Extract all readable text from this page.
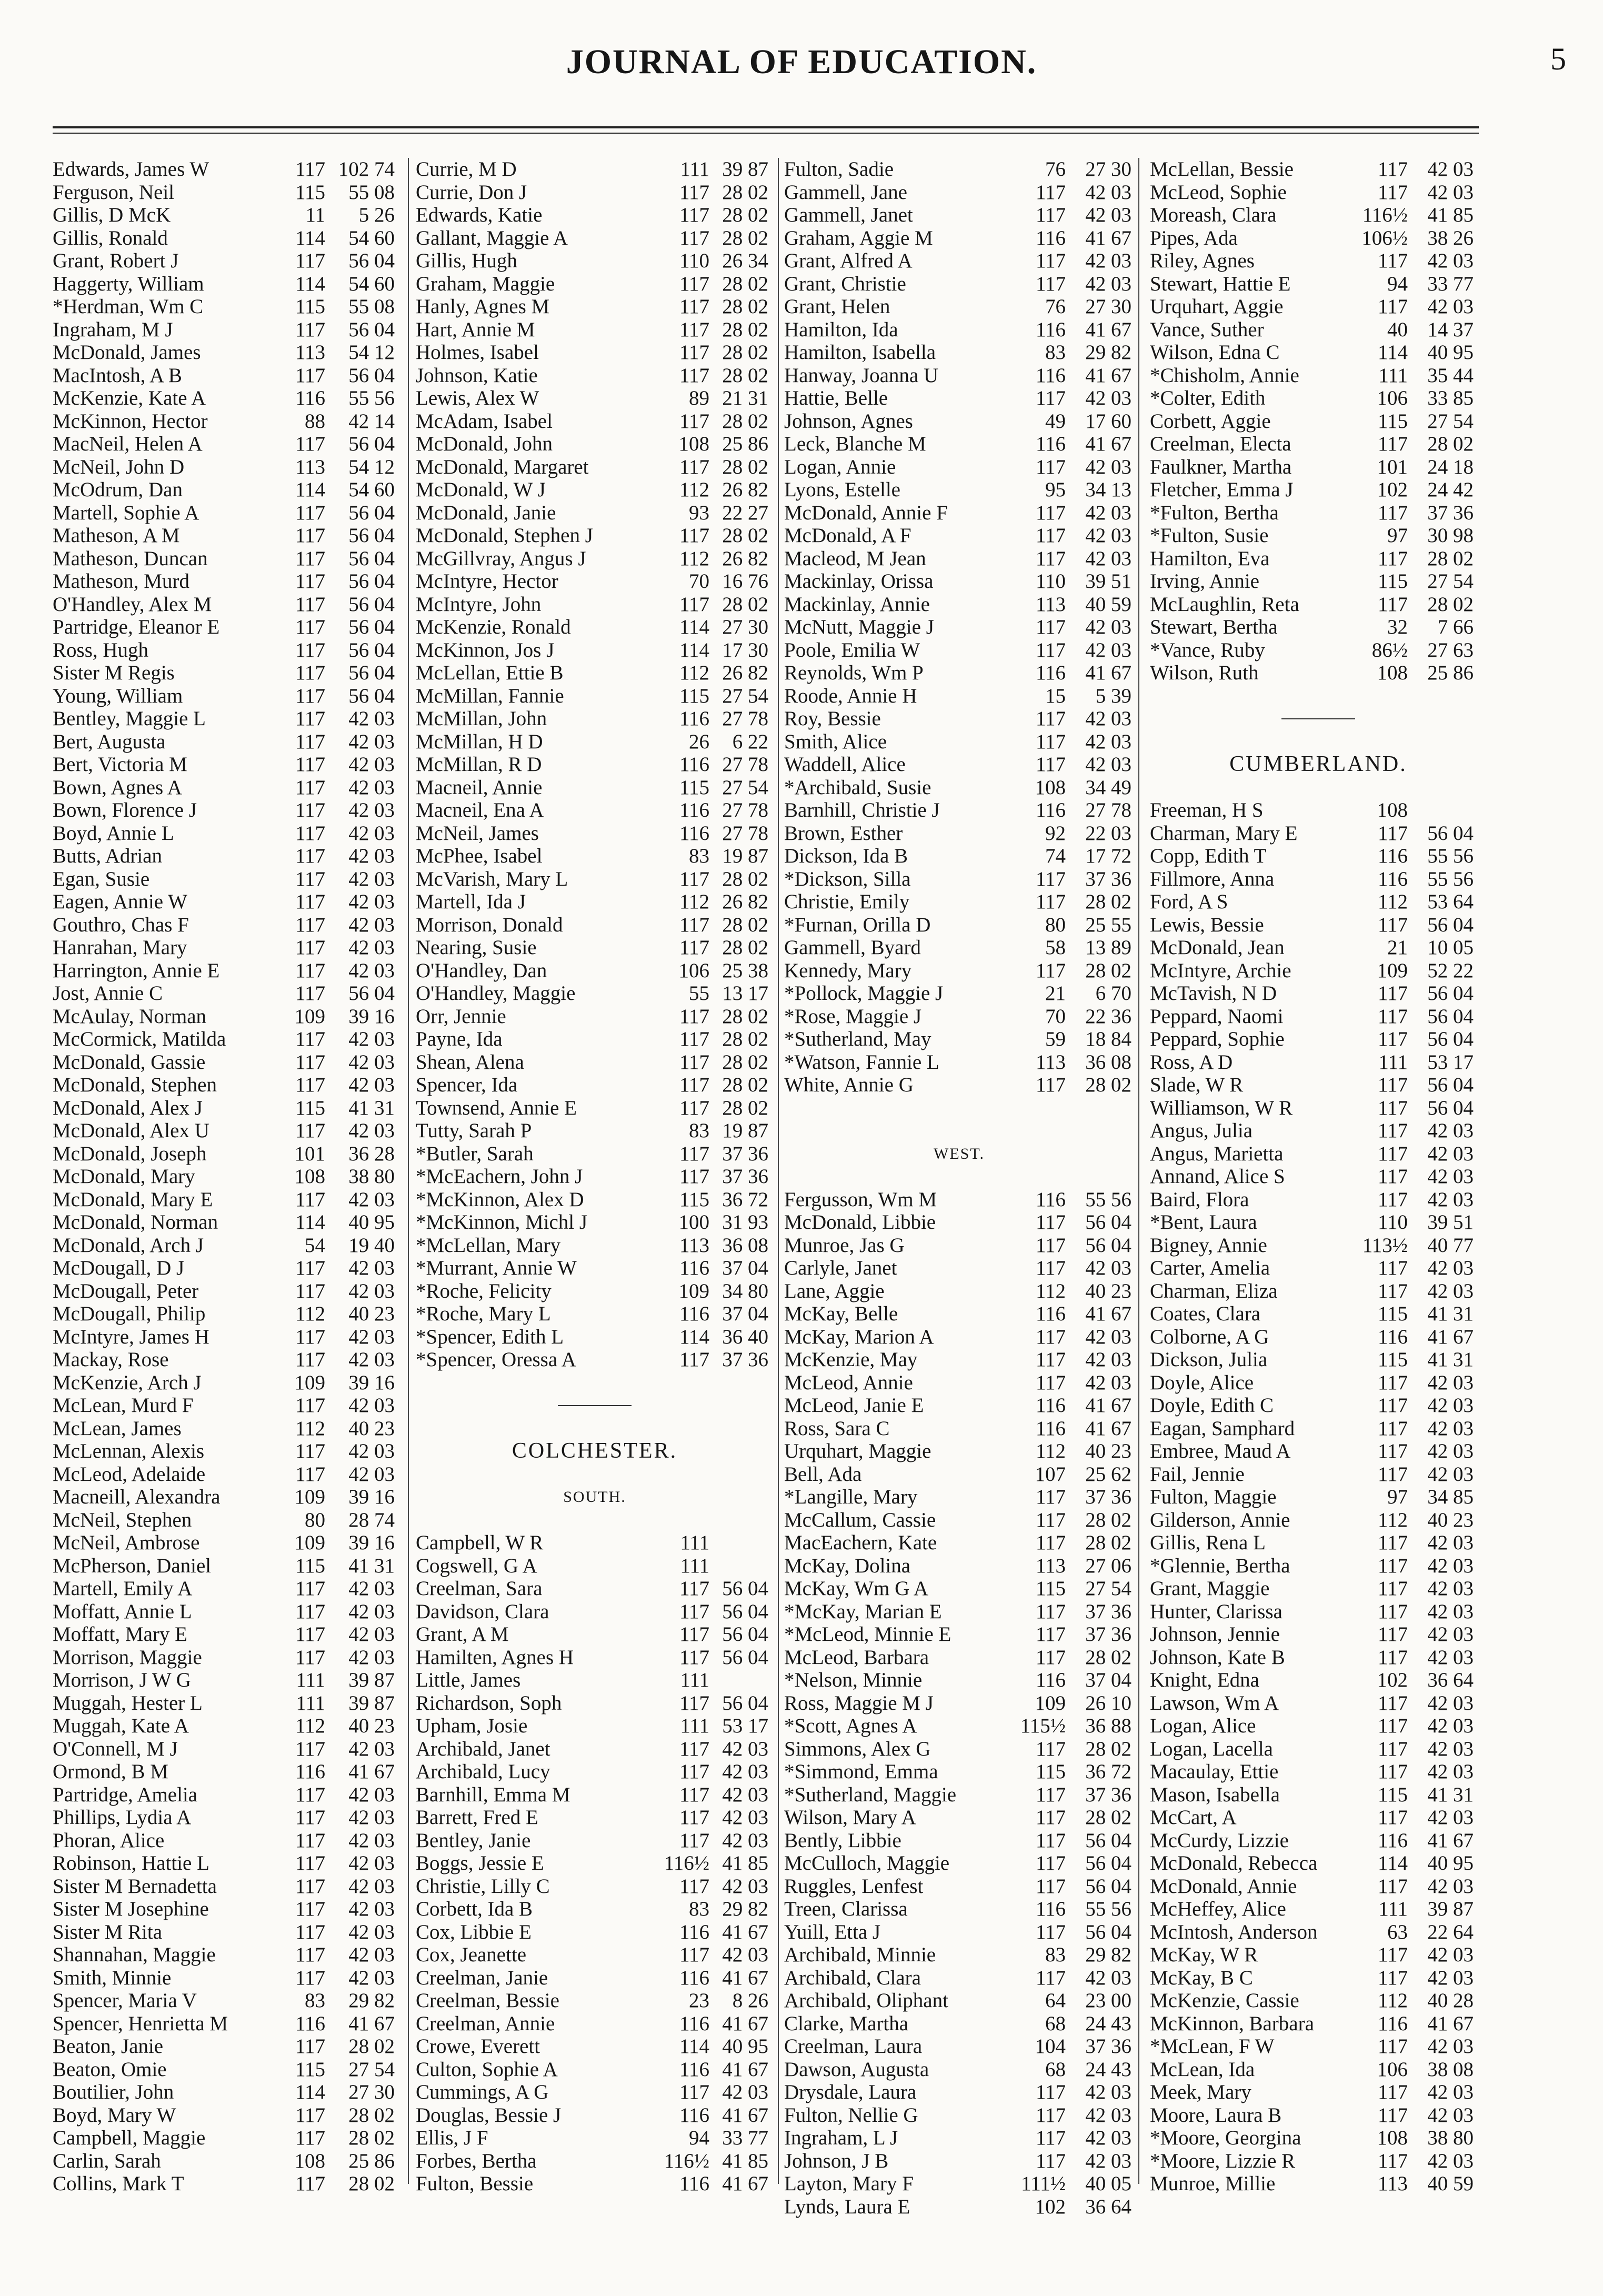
JOURNAL OF EDUCATION.	5
Edwards, James W	117 102 74
Ferguson, Neil	115 55 08
Gillis, D McK	11 5 26
Gillis, Ronald	114 54 60
Grant, Robert J	117 56 04
Haggerty, William	114 54 60
*Herdman, Wm C	115 55 08
Ingraham, M J	117 56 04
McDonald, James	113 54 12
MacIntosh, A B	117 56 04
McKenzie, Kate A	116 55 56
McKinnon, Hector	88 42 14
MacNeil, Helen A	117 56 04
McNeil, John D	113 54 12
McOdrum, Dan	114 54 60
Martell, Sophie A	117 56 04
Matheson, A M	117 56 04
Matheson, Duncan	117 56 04
Matheson, Murd	117 56 04
O'Handley, Alex M	117 56 04
Partridge, Eleanor E	117 56 04
Ross, Hugh	117 56 04
Sister M Regis	117 56 04
Young, William	117 56 04
Bentley, Maggie L	117 42 03
Bert, Augusta	117 42 03
Bert, Victoria M	117 42 03
Bown, Agnes A	117 42 03
Bown, Florence J	117 42 03
Boyd, Annie L	117 42 03
Butts, Adrian	117 42 03
Egan, Susie	117 42 03
Eagen, Annie W	117 42 03
Gouthro, Chas F	117 42 03
Hanrahan, Mary	117 42 03
Harrington, Annie E	117 42 03
Jost, Annie C	117 56 04
McAulay, Norman	109 39 16
McCormick, Matilda	117 42 03
McDonald, Gassie	117 42 03
McDonald, Stephen	117 42 03
McDonald, Alex J	115 41 31
McDonald, Alex U	117 42 03
McDonald, Joseph	101 36 28
McDonald, Mary	108 38 80
McDonald, Mary E	117 42 03
McDonald, Norman	114 40 95
McDonald, Arch J	54 19 40
McDougall, D J	117 42 03
McDougall, Peter	117 42 03
McDougall, Philip	112 40 23
McIntyre, James H	117 42 03
Mackay, Rose	117 42 03
McKenzie, Arch J	109 39 16
McLean, Murd F	117 42 03
McLean, James	112 40 23
McLennan, Alexis	117 42 03
McLeod, Adelaide	117 42 03
Macneill, Alexandra	109 39 16
McNeil, Stephen	80 28 74
McNeil, Ambrose	109 39 16
McPherson, Daniel	115 41 31
Martell, Emily A	117 42 03
Moffatt, Annie L	117 42 03
Moffatt, Mary E	117 42 03
Morrison, Maggie	117 42 03
Morrison, J W G	111 39 87
Muggah, Hester L	111 39 87
Muggah, Kate A	112 40 23
O'Connell, M J	117 42 03
Ormond, B M	116 41 67
Partridge, Amelia	117 42 03
Phillips, Lydia A	117 42 03
Phoran, Alice	117 42 03
Robinson, Hattie L	117 42 03
Sister M Bernadetta	117 42 03
Sister M Josephine	117 42 03
Sister M Rita	117 42 03
Shannahan, Maggie	117 42 03
Smith, Minnie	117 42 03
Spencer, Maria V	83 29 82
Spencer, Henrietta M	116 41 67
Beaton, Janie	117 28 02
Beaton, Omie	115 27 54
Boutilier, John	114 27 30
Boyd, Mary W	117 28 02
Campbell, Maggie	117 28 02
Carlin, Sarah	108 25 86
Collins, Mark T	117 28 02
Currie, M D	111 39 87
Currie, Don J	117 28 02
Edwards, Katie	117 28 02
Gallant, Maggie A	117 28 02
Gillis, Hugh	110 26 34
Graham, Maggie	117 28 02
Hanly, Agnes M	117 28 02
Hart, Annie M	117 28 02
Holmes, Isabel	117 28 02
Johnson, Katie	117 28 02
Lewis, Alex W	89 21 31
McAdam, Isabel	117 28 02
McDonald, John	108 25 86
McDonald, Margaret	117 28 02
McDonald, W J	112 26 82
McDonald, Janie	93 22 27
McDonald, Stephen J	117 28 02
McGillvray, Angus J	112 26 82
McIntyre, Hector	70 16 76
McIntyre, John	117 28 02
McKenzie, Ronald	114 27 30
McKinnon, Jos J	114 17 30
McLellan, Ettie B	112 26 82
McMillan, Fannie	115 27 54
McMillan, John	116 27 78
McMillan, H D	26 6 22
McMillan, R D	116 27 78
Macneil, Annie	115 27 54
Macneil, Ena A	116 27 78
McNeil, James	116 27 78
McPhee, Isabel	83 19 87
McVarish, Mary L	117 28 02
Martell, Ida J	112 26 82
Morrison, Donald	117 28 02
Nearing, Susie	117 28 02
O'Handley, Dan	106 25 38
O'Handley, Maggie	55 13 17
Orr, Jennie	117 28 02
Payne, Ida	117 28 02
Shean, Alena	117 28 02
Spencer, Ida	117 28 02
Townsend, Annie E	117 28 02
Tutty, Sarah P	83 19 87
*Butler, Sarah	117 37 36
*McEachern, John J	117 37 36
*McKinnon, Alex D	115 36 72
*McKinnon, Michl J	100 31 93
*McLellan, Mary	113 36 08
*Murrant, Annie W	116 37 04
*Roche, Felicity	109 34 80
*Roche, Mary L	116 37 04
*Spencer, Edith L	114 36 40
*Spencer, Oressa A	117 37 36
COLCHESTER.
SOUTH.
Campbell, W R	111
Cogswell, G A	111
Creelman, Sara	117 56 04
Davidson, Clara	117 56 04
Grant, A M	117 56 04
Hamilten, Agnes H	117 56 04
Little, James	111
Richardson, Soph	117 56 04
Upham, Josie	111 53 17
Archibald, Janet	117 42 03
Archibald, Lucy	117 42 03
Barnhill, Emma M	117 42 03
Barrett, Fred E	117 42 03
Bentley, Janie	117 42 03
Boggs, Jessie E	116½ 41 85
Christie, Lilly C	117 42 03
Corbett, Ida B	83 29 82
Cox, Libbie E	116 41 67
Cox, Jeanette	117 42 03
Creelman, Janie	116 41 67
Creelman, Bessie	23 8 26
Creelman, Annie	116 41 67
Crowe, Everett	114 40 95
Culton, Sophie A	116 41 67
Cummings, A G	117 42 03
Douglas, Bessie J	116 41 67
Ellis, J F	94 33 77
Forbes, Bertha	116½ 41 85
Fulton, Bessie	116 41 67
Fulton, Sadie	76 27 30
Gammell, Jane	117 42 03
Gammell, Janet	117 42 03
Graham, Aggie M	116 41 67
Grant, Alfred A	117 42 03
Grant, Christie	117 42 03
Grant, Helen	76 27 30
Hamilton, Ida	116 41 67
Hamilton, Isabella	83 29 82
Hanway, Joanna U	116 41 67
Hattie, Belle	117 42 03
Johnson, Agnes	49 17 60
Leck, Blanche M	116 41 67
Logan, Annie	117 42 03
Lyons, Estelle	95 34 13
McDonald, Annie F	117 42 03
McDonald, A F	117 42 03
Macleod, M Jean	117 42 03
Mackinlay, Orissa	110 39 51
Mackinlay, Annie	113 40 59
McNutt, Maggie J	117 42 03
Poole, Emilia W	117 42 03
Reynolds, Wm P	116 41 67
Roode, Annie H	15 5 39
Roy, Bessie	117 42 03
Smith, Alice	117 42 03
Waddell, Alice	117 42 03
*Archibald, Susie	108 34 49
Barnhill, Christie J	116 27 78
Brown, Esther	92 22 03
Dickson, Ida B	74 17 72
*Dickson, Silla	117 37 36
Christie, Emily	117 28 02
*Furnan, Orilla D	80 25 55
Gammell, Byard	58 13 89
Kennedy, Mary	117 28 02
*Pollock, Maggie J	21 6 70
*Rose, Maggie J	70 22 36
*Sutherland, May	59 18 84
*Watson, Fannie L	113 36 08
White, Annie G	117 28 02
WEST.
Fergusson, Wm M	116 55 56
McDonald, Libbie	117 56 04
Munroe, Jas G	117 56 04
Carlyle, Janet	117 42 03
Lane, Aggie	112 40 23
McKay, Belle	116 41 67
McKay, Marion A	117 42 03
McKenzie, May	117 42 03
McLeod, Annie	117 42 03
McLeod, Janie E	116 41 67
Ross, Sara C	116 41 67
Urquhart, Maggie	112 40 23
Bell, Ada	107 25 62
*Langille, Mary	117 37 36
McCallum, Cassie	117 28 02
MacEachern, Kate	117 28 02
McKay, Dolina	113 27 06
McKay, Wm G A	115 27 54
*McKay, Marian E	117 37 36
*McLeod, Minnie E	117 37 36
McLeod, Barbara	117 28 02
*Nelson, Minnie	116 37 04
Ross, Maggie M J	109 26 10
*Scott, Agnes A	115½ 36 88
Simmons, Alex G	117 28 02
*Simmond, Emma	115 36 72
*Sutherland, Maggie	117 37 36
Wilson, Mary A	117 28 02
Bently, Libbie	117 56 04
McCulloch, Maggie	117 56 04
Ruggles, Lenfest	117 56 04
Treen, Clarissa	116 55 56
Yuill, Etta J	117 56 04
Archibald, Minnie	83 29 82
Archibald, Clara	117 42 03
Archibald, Oliphant	64 23 00
Clarke, Martha	68 24 43
Creelman, Laura	104 37 36
Dawson, Augusta	68 24 43
Drysdale, Laura	117 42 03
Fulton, Nellie G	117 42 03
Ingraham, L J	117 42 03
Johnson, J B	117 42 03
Layton, Mary F	111½ 40 05
Lynds, Laura E	102 36 64
McLellan, Bessie	117 42 03
McLeod, Sophie	117 42 03
Moreash, Clara	116½ 41 85
Pipes, Ada	106½ 38 26
Riley, Agnes	117 42 03
Stewart, Hattie E	94 33 77
Urquhart, Aggie	117 42 03
Vance, Suther	40 14 37
Wilson, Edna C	114 40 95
*Chisholm, Annie	111 35 44
*Colter, Edith	106 33 85
Corbett, Aggie	115 27 54
Creelman, Electa	117 28 02
Faulkner, Martha	101 24 18
Fletcher, Emma J	102 24 42
*Fulton, Bertha	117 37 36
*Fulton, Susie	97 30 98
Hamilton, Eva	117 28 02
Irving, Annie	115 27 54
McLaughlin, Reta	117 28 02
Stewart, Bertha	32 7 66
*Vance, Ruby	86½ 27 63
Wilson, Ruth	108 25 86
CUMBERLAND.
Freeman, H S	108
Charman, Mary E	117 56 04
Copp, Edith T	116 55 56
Fillmore, Anna	116 55 56
Ford, A S	112 53 64
Lewis, Bessie	117 56 04
McDonald, Jean	21 10 05
McIntyre, Archie	109 52 22
McTavish, N D	117 56 04
Peppard, Naomi	117 56 04
Peppard, Sophie	117 56 04
Ross, A D	111 53 17
Slade, W R	117 56 04
Williamson, W R	117 56 04
Angus, Julia	117 42 03
Angus, Marietta	117 42 03
Annand, Alice S	117 42 03
Baird, Flora	117 42 03
*Bent, Laura	110 39 51
Bigney, Annie	113½ 40 77
Carter, Amelia	117 42 03
Charman, Eliza	117 42 03
Coates, Clara	115 41 31
Colborne, A G	116 41 67
Dickson, Julia	115 41 31
Doyle, Alice	117 42 03
Doyle, Edith C	117 42 03
Eagan, Samphard	117 42 03
Embree, Maud A	117 42 03
Fail, Jennie	117 42 03
Fulton, Maggie	97 34 85
Gilderson, Annie	112 40 23
Gillis, Rena L	117 42 03
*Glennie, Bertha	117 42 03
Grant, Maggie	117 42 03
Hunter, Clarissa	117 42 03
Johnson, Jennie	117 42 03
Johnson, Kate B	117 42 03
Knight, Edna	102 36 64
Lawson, Wm A	117 42 03
Logan, Alice	117 42 03
Logan, Lacella	117 42 03
Macaulay, Ettie	117 42 03
Mason, Isabella	115 41 31
McCart, A	117 42 03
McCurdy, Lizzie	116 41 67
McDonald, Rebecca	114 40 95
McDonald, Annie	117 42 03
McHeffey, Alice	111 39 87
McIntosh, Anderson	63 22 64
McKay, W R	117 42 03
McKay, B C	117 42 03
McKenzie, Cassie	112 40 28
McKinnon, Barbara	116 41 67
*McLean, F W	117 42 03
McLean, Ida	106 38 08
Meek, Mary	117 42 03
Moore, Laura B	117 42 03
*Moore, Georgina	108 38 80
*Moore, Lizzie R	117 42 03
Munroe, Millie	113 40 59
